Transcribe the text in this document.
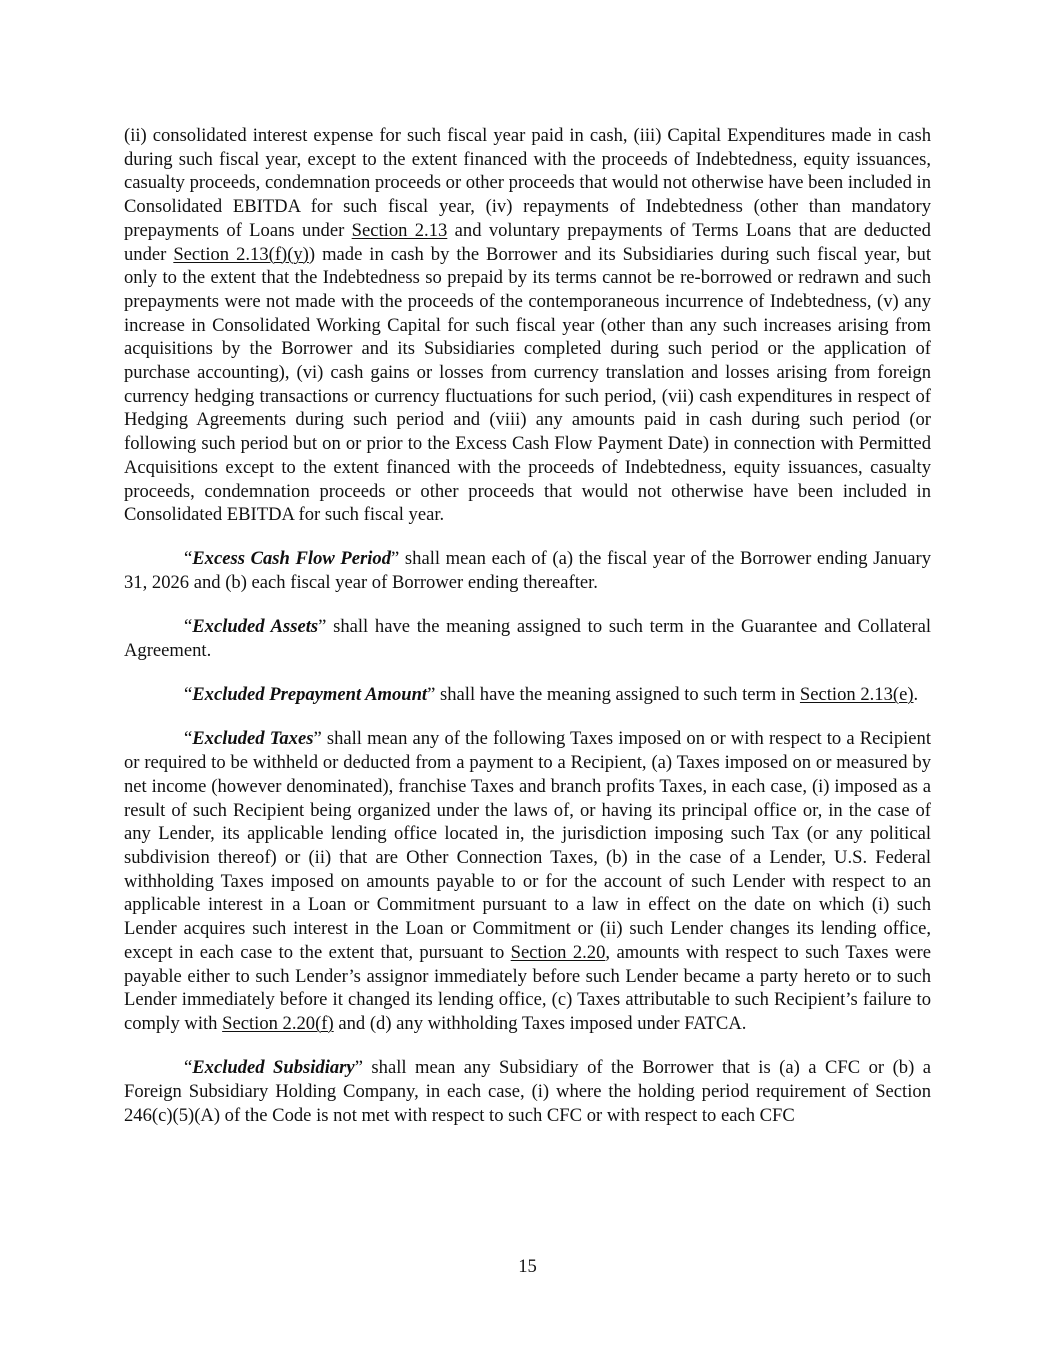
(ii) consolidated interest expense for such fiscal year paid in cash, (iii) Capital Expenditures made in cash during such fiscal year, except to the extent financed with the proceeds of Indebtedness, equity issuances, casualty proceeds, condemnation proceeds or other proceeds that would not otherwise have been included in Consolidated EBITDA for such fiscal year, (iv) repayments of Indebtedness (other than mandatory prepayments of Loans under Section 2.13 and voluntary prepayments of Terms Loans that are deducted under Section 2.13(f)(y)) made in cash by the Borrower and its Subsidiaries during such fiscal year, but only to the extent that the Indebtedness so prepaid by its terms cannot be re-borrowed or redrawn and such prepayments were not made with the proceeds of the contemporaneous incurrence of Indebtedness, (v) any increase in Consolidated Working Capital for such fiscal year (other than any such increases arising from acquisitions by the Borrower and its Subsidiaries completed during such period or the application of purchase accounting), (vi) cash gains or losses from currency translation and losses arising from foreign currency hedging transactions or currency fluctuations for such period, (vii) cash expenditures in respect of Hedging Agreements during such period and (viii) any amounts paid in cash during such period (or following such period but on or prior to the Excess Cash Flow Payment Date) in connection with Permitted Acquisitions except to the extent financed with the proceeds of Indebtedness, equity issuances, casualty proceeds, condemnation proceeds or other proceeds that would not otherwise have been included in Consolidated EBITDA for such fiscal year.

“Excess Cash Flow Period” shall mean each of (a) the fiscal year of the Borrower ending January 31, 2026 and (b) each fiscal year of Borrower ending thereafter.

“Excluded Assets” shall have the meaning assigned to such term in the Guarantee and Collateral Agreement.

“Excluded Prepayment Amount” shall have the meaning assigned to such term in Section 2.13(e).

“Excluded Taxes” shall mean any of the following Taxes imposed on or with respect to a Recipient or required to be withheld or deducted from a payment to a Recipient, (a) Taxes imposed on or measured by net income (however denominated), franchise Taxes and branch profits Taxes, in each case, (i) imposed as a result of such Recipient being organized under the laws of, or having its principal office or, in the case of any Lender, its applicable lending office located in, the jurisdiction imposing such Tax (or any political subdivision thereof) or (ii) that are Other Connection Taxes, (b) in the case of a Lender, U.S. Federal withholding Taxes imposed on amounts payable to or for the account of such Lender with respect to an applicable interest in a Loan or Commitment pursuant to a law in effect on the date on which (i) such Lender acquires such interest in the Loan or Commitment or (ii) such Lender changes its lending office, except in each case to the extent that, pursuant to Section 2.20, amounts with respect to such Taxes were payable either to such Lender’s assignor immediately before such Lender became a party hereto or to such Lender immediately before it changed its lending office, (c) Taxes attributable to such Recipient’s failure to comply with Section 2.20(f) and (d) any withholding Taxes imposed under FATCA.

“Excluded Subsidiary” shall mean any Subsidiary of the Borrower that is (a) a CFC or (b) a Foreign Subsidiary Holding Company, in each case, (i) where the holding period requirement of Section 246(c)(5)(A) of the Code is not met with respect to such CFC or with respect to each CFC

15
